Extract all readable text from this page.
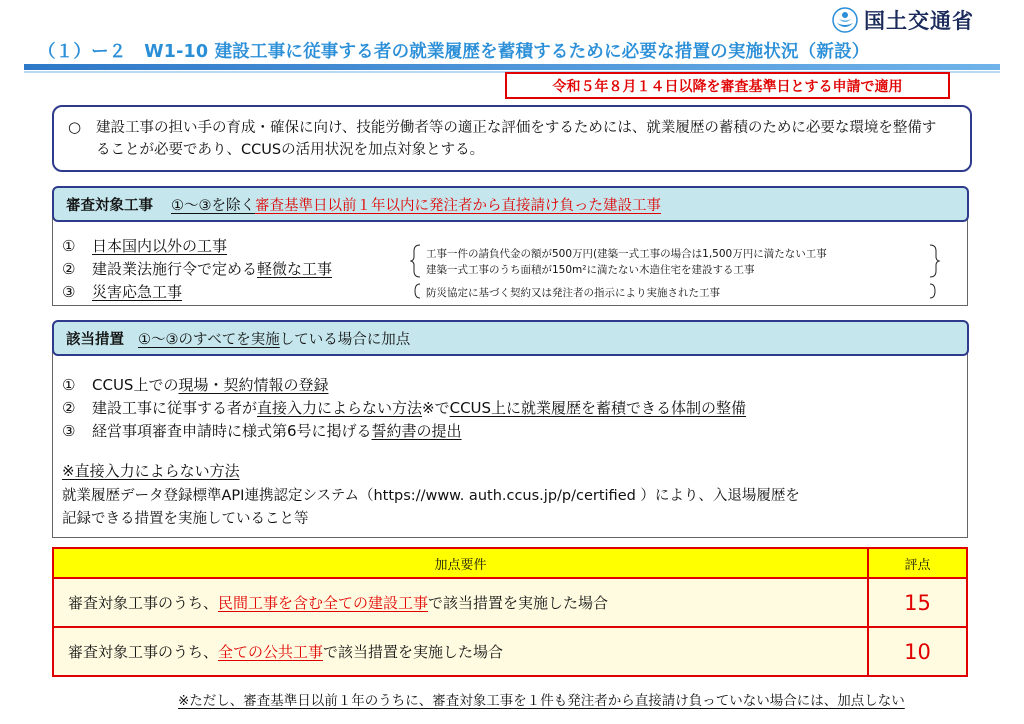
国土交通省
（１）ー２　W1-10 建設工事に従事する者の就業履歴を蓄積するために必要な措置の実施状況（新設）
令和５年８月１４日以降を審査基準日とする申請で適用
○ 建設工事の担い手の育成・確保に向け、技能労働者等の適正な評価をするためには、就業履歴の蓄積のために必要な環境を整備することが必要であり、CCUSの活用状況を加点対象とする。
審査対象工事 ①～③を除く 審査基準日以前１年以内に発注者から直接請け負った建設工事
① 日本国内以外の工事
② 建設業法施行令で定める軽微な工事
③ 災害応急工事
工事一件の請負代金の額が500万円(建築一式工事の場合は1,500万円に満たない工事
建築一式工事のうち面積が150m²に満たない木造住宅を建設する工事
防災協定に基づく契約又は発注者の指示により実施された工事
該当措置 ①～③のすべてを実施 している場合に加点
① CCUS上での現場・契約情報の登録
② 建設工事に従事する者が直接入力によらない方法※でCCUS上に就業履歴を蓄積できる体制の整備
③ 経営事項審査申請時に様式第6号に掲げる誓約書の提出
※直接入力によらない方法
就業履歴データ登録標準API連携認定システム（https://www. auth.ccus.jp/p/certified ）により、入退場履歴を
記録できる措置を実施していること等
加点要件	評点
審査対象工事のうち、民間工事を含む全ての建設工事で該当措置を実施した場合	15
審査対象工事のうち、全ての公共工事で該当措置を実施した場合	10
※ただし、審査基準日以前１年のうちに、審査対象工事を１件も発注者から直接請け負っていない場合には、加点しない
